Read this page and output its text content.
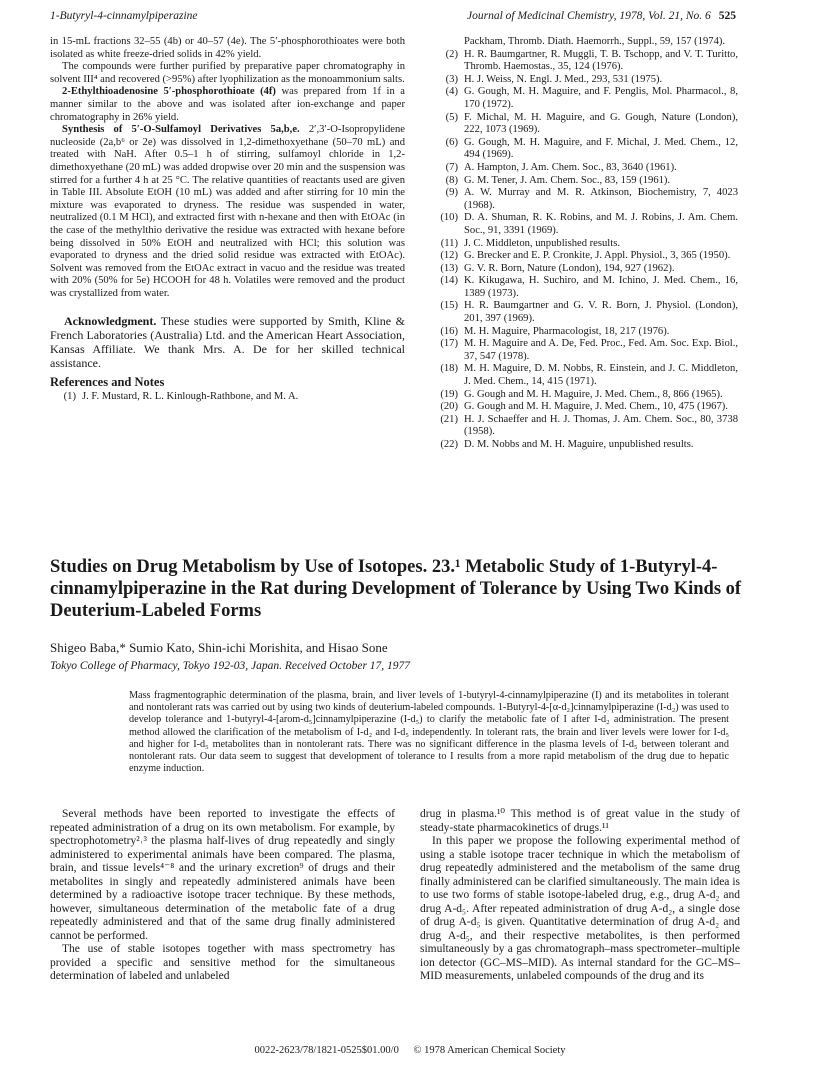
1-Butyryl-4-cinnamylpiperazine	Journal of Medicinal Chemistry, 1978, Vol. 21, No. 6 525

in 15-mL fractions 32–55 (4b) or 40–57 (4e). The 5′-phosphorothioates were both isolated as white freeze-dried solids in 42% yield.

The compounds were further purified by preparative paper chromatography in solvent III⁴ and recovered (>95%) after lyophilization as the monoammonium salts.

2-Ethylthioadenosine 5′-phosphorothioate (4f) was prepared from 1f in a manner similar to the above and was isolated after ion-exchange and paper chromatography in 26% yield.

Synthesis of 5′-O-Sulfamoyl Derivatives 5a,b,e. 2′,3′-O-Isopropylidene nucleoside (2a,b⁶ or 2e) was dissolved in 1,2-dimethoxyethane (50–70 mL) and treated with NaH. After 0.5–1 h of stirring, sulfamoyl chloride in 1,2-dimethoxyethane (20 mL) was added dropwise over 20 min and the suspension was stirred for a further 4 h at 25 °C. The relative quantities of reactants used are given in Table III. Absolute EtOH (10 mL) was added and after stirring for 10 min the mixture was evaporated to dryness. The residue was suspended in water, neutralized (0.1 M HCl), and extracted first with n-hexane and then with EtOAc (in the case of the methylthio derivative the residue was extracted with hexane before being dissolved in 50% EtOH and neutralized with HCl; this solution was evaporated to dryness and the dried solid residue was extracted with EtOAc). Solvent was removed from the EtOAc extract in vacuo and the residue was treated with 20% (50% for 5e) HCOOH for 48 h. Volatiles were removed and the product was crystallized from water.

Acknowledgment. These studies were supported by Smith, Kline & French Laboratories (Australia) Ltd. and the American Heart Association, Kansas Affiliate. We thank Mrs. A. De for her skilled technical assistance.

References and Notes
(1) J. F. Mustard, R. L. Kinlough-Rathbone, and M. A.
Packham, Thromb. Diath. Haemorrh., Suppl., 59, 157 (1974).
(2) H. R. Baumgartner, R. Muggli, T. B. Tschopp, and V. T. Turitto, Thromb. Haemostas., 35, 124 (1976).
(3) H. J. Weiss, N. Engl. J. Med., 293, 531 (1975).
(4) G. Gough, M. H. Maguire, and F. Penglis, Mol. Pharmacol., 8, 170 (1972).
(5) F. Michal, M. H. Maguire, and G. Gough, Nature (London), 222, 1073 (1969).
(6) G. Gough, M. H. Maguire, and F. Michal, J. Med. Chem., 12, 494 (1969).
(7) A. Hampton, J. Am. Chem. Soc., 83, 3640 (1961).
(8) G. M. Tener, J. Am. Chem. Soc., 83, 159 (1961).
(9) A. W. Murray and M. R. Atkinson, Biochemistry, 7, 4023 (1968).
(10) D. A. Shuman, R. K. Robins, and M. J. Robins, J. Am. Chem. Soc., 91, 3391 (1969).
(11) J. C. Middleton, unpublished results.
(12) G. Brecker and E. P. Cronkite, J. Appl. Physiol., 3, 365 (1950).
(13) G. V. R. Born, Nature (London), 194, 927 (1962).
(14) K. Kikugawa, H. Suchiro, and M. Ichino, J. Med. Chem., 16, 1389 (1973).
(15) H. R. Baumgartner and G. V. R. Born, J. Physiol. (London), 201, 397 (1969).
(16) M. H. Maguire, Pharmacologist, 18, 217 (1976).
(17) M. H. Maguire and A. De, Fed. Proc., Fed. Am. Soc. Exp. Biol., 37, 547 (1978).
(18) M. H. Maguire, D. M. Nobbs, R. Einstein, and J. C. Middleton, J. Med. Chem., 14, 415 (1971).
(19) G. Gough and M. H. Maguire, J. Med. Chem., 8, 866 (1965).
(20) G. Gough and M. H. Maguire, J. Med. Chem., 10, 475 (1967).
(21) H. J. Schaeffer and H. J. Thomas, J. Am. Chem. Soc., 80, 3738 (1958).
(22) D. M. Nobbs and M. H. Maguire, unpublished results.
Studies on Drug Metabolism by Use of Isotopes. 23.¹ Metabolic Study of 1-Butyryl-4-cinnamylpiperazine in the Rat during Development of Tolerance by Using Two Kinds of Deuterium-Labeled Forms
Shigeo Baba,* Sumio Kato, Shin-ichi Morishita, and Hisao Sone
Tokyo College of Pharmacy, Tokyo 192-03, Japan. Received October 17, 1977
Mass fragmentographic determination of the plasma, brain, and liver levels of 1-butyryl-4-cinnamylpiperazine (I) and its metabolites in tolerant and nontolerant rats was carried out by using two kinds of deuterium-labeled compounds. 1-Butyryl-4-[α-d₂]cinnamylpiperazine (I-d₂) was used to develop tolerance and 1-butyryl-4-[arom-d₅]cinnamylpiperazine (I-d₅) to clarify the metabolic fate of I after I-d₂ administration. The present method allowed the clarification of the metabolism of I-d₂ and I-d₅ independently. In tolerant rats, the brain and liver levels were lower for I-d₅ and higher for I-d₅ metabolites than in nontolerant rats. There was no significant difference in the plasma levels of I-d₅ between tolerant and nontolerant rats. Our data seem to suggest that development of tolerance to I results from a more rapid metabolism of the drug due to hepatic enzyme induction.

Several methods have been reported to investigate the effects of repeated administration of a drug on its own metabolism. For example, by spectrophotometry²˒³ the plasma half-lives of drug repeatedly and singly administered to experimental animals have been compared. The plasma, brain, and tissue levels⁴⁻⁸ and the urinary excretion⁹ of drugs and their metabolites in singly and repeatedly administered animals have been determined by a radioactive isotope tracer technique. By these methods, however, simultaneous determination of the metabolic fate of a drug repeatedly administered and that of the same drug finally administered cannot be performed.

The use of stable isotopes together with mass spectrometry has provided a specific and sensitive method for the simultaneous determination of labeled and unlabeled

drug in plasma.¹⁰ This method is of great value in the study of steady-state pharmacokinetics of drugs.¹¹

In this paper we propose the following experimental method of using a stable isotope tracer technique in which the metabolism of drug repeatedly administered and the metabolism of the same drug finally administered can be clarified simultaneously. The main idea is to use two forms of stable isotope-labeled drug, e.g., drug A-d₂ and drug A-d₅. After repeated administration of drug A-d₂, a single dose of drug A-d₅ is given. Quantitative determination of drug A-d₂ and drug A-d₅, and their respective metabolites, is then performed simultaneously by a gas chromatograph–mass spectrometer–multiple ion detector (GC–MS–MID). As internal standard for the GC–MS–MID measurements, unlabeled compounds of the drug and its

0022-2623/78/1821-0525$01.00/0 © 1978 American Chemical Society
